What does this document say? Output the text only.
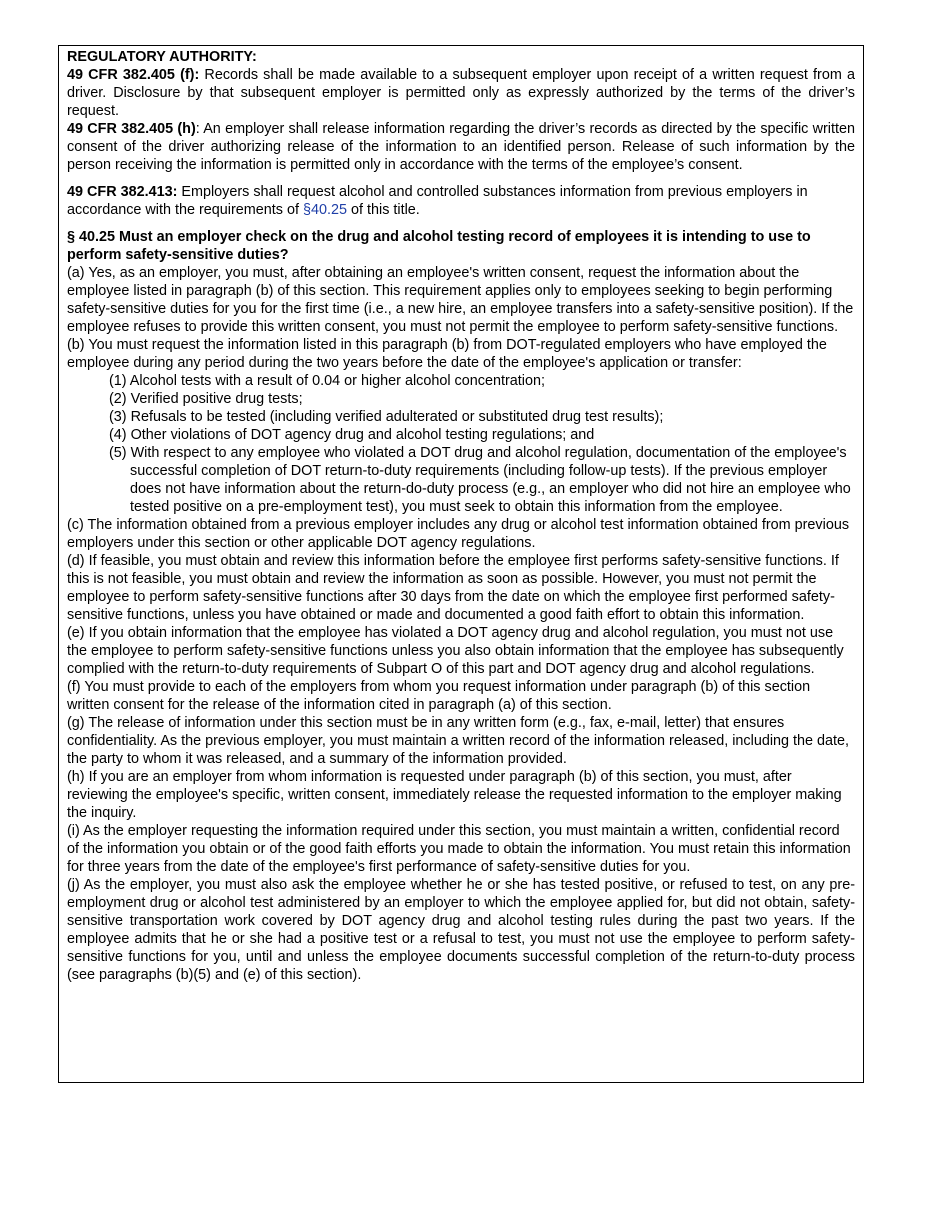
REGULATORY AUTHORITY:

49 CFR 382.405 (f): Records shall be made available to a subsequent employer upon receipt of a written request from a driver. Disclosure by that subsequent employer is permitted only as expressly authorized by the terms of the driver’s request.

49 CFR 382.405 (h): An employer shall release information regarding the driver’s records as directed by the specific written consent of the driver authorizing release of the information to an identified person. Release of such information by the person receiving the information is permitted only in accordance with the terms of the employee’s consent.

49 CFR 382.413: Employers shall request alcohol and controlled substances information from previous employers in accordance with the requirements of §40.25 of this title.

§ 40.25 Must an employer check on the drug and alcohol testing record of employees it is intending to use to perform safety-sensitive duties?

(a) Yes, as an employer, you must, after obtaining an employee's written consent, request the information about the employee listed in paragraph (b) of this section. This requirement applies only to employees seeking to begin performing safety-sensitive duties for you for the first time (i.e., a new hire, an employee transfers into a safety-sensitive position). If the employee refuses to provide this written consent, you must not permit the employee to perform safety-sensitive functions.

(b) You must request the information listed in this paragraph (b) from DOT-regulated employers who have employed the employee during any period during the two years before the date of the employee's application or transfer:

(1) Alcohol tests with a result of 0.04 or higher alcohol concentration;
(2) Verified positive drug tests;
(3) Refusals to be tested (including verified adulterated or substituted drug test results);
(4) Other violations of DOT agency drug and alcohol testing regulations; and
(5) With respect to any employee who violated a DOT drug and alcohol regulation, documentation of the employee's successful completion of DOT return-to-duty requirements (including follow-up tests). If the previous employer does not have information about the return-do-duty process (e.g., an employer who did not hire an employee who tested positive on a pre-employment test), you must seek to obtain this information from the employee.

(c) The information obtained from a previous employer includes any drug or alcohol test information obtained from previous employers under this section or other applicable DOT agency regulations.

(d) If feasible, you must obtain and review this information before the employee first performs safety-sensitive functions. If this is not feasible, you must obtain and review the information as soon as possible. However, you must not permit the employee to perform safety-sensitive functions after 30 days from the date on which the employee first performed safety-sensitive functions, unless you have obtained or made and documented a good faith effort to obtain this information.

(e) If you obtain information that the employee has violated a DOT agency drug and alcohol regulation, you must not use the employee to perform safety-sensitive functions unless you also obtain information that the employee has subsequently complied with the return-to-duty requirements of Subpart O of this part and DOT agency drug and alcohol regulations.

(f) You must provide to each of the employers from whom you request information under paragraph (b) of this section written consent for the release of the information cited in paragraph (a) of this section.

(g) The release of information under this section must be in any written form (e.g., fax, e-mail, letter) that ensures confidentiality. As the previous employer, you must maintain a written record of the information released, including the date, the party to whom it was released, and a summary of the information provided.

(h) If you are an employer from whom information is requested under paragraph (b) of this section, you must, after reviewing the employee's specific, written consent, immediately release the requested information to the employer making the inquiry.

(i) As the employer requesting the information required under this section, you must maintain a written, confidential record of the information you obtain or of the good faith efforts you made to obtain the information. You must retain this information for three years from the date of the employee's first performance of safety-sensitive duties for you.

(j) As the employer, you must also ask the employee whether he or she has tested positive, or refused to test, on any pre-employment drug or alcohol test administered by an employer to which the employee applied for, but did not obtain, safety-sensitive transportation work covered by DOT agency drug and alcohol testing rules during the past two years. If the employee admits that he or she had a positive test or a refusal to test, you must not use the employee to perform safety-sensitive functions for you, until and unless the employee documents successful completion of the return-to-duty process (see paragraphs (b)(5) and (e) of this section).
